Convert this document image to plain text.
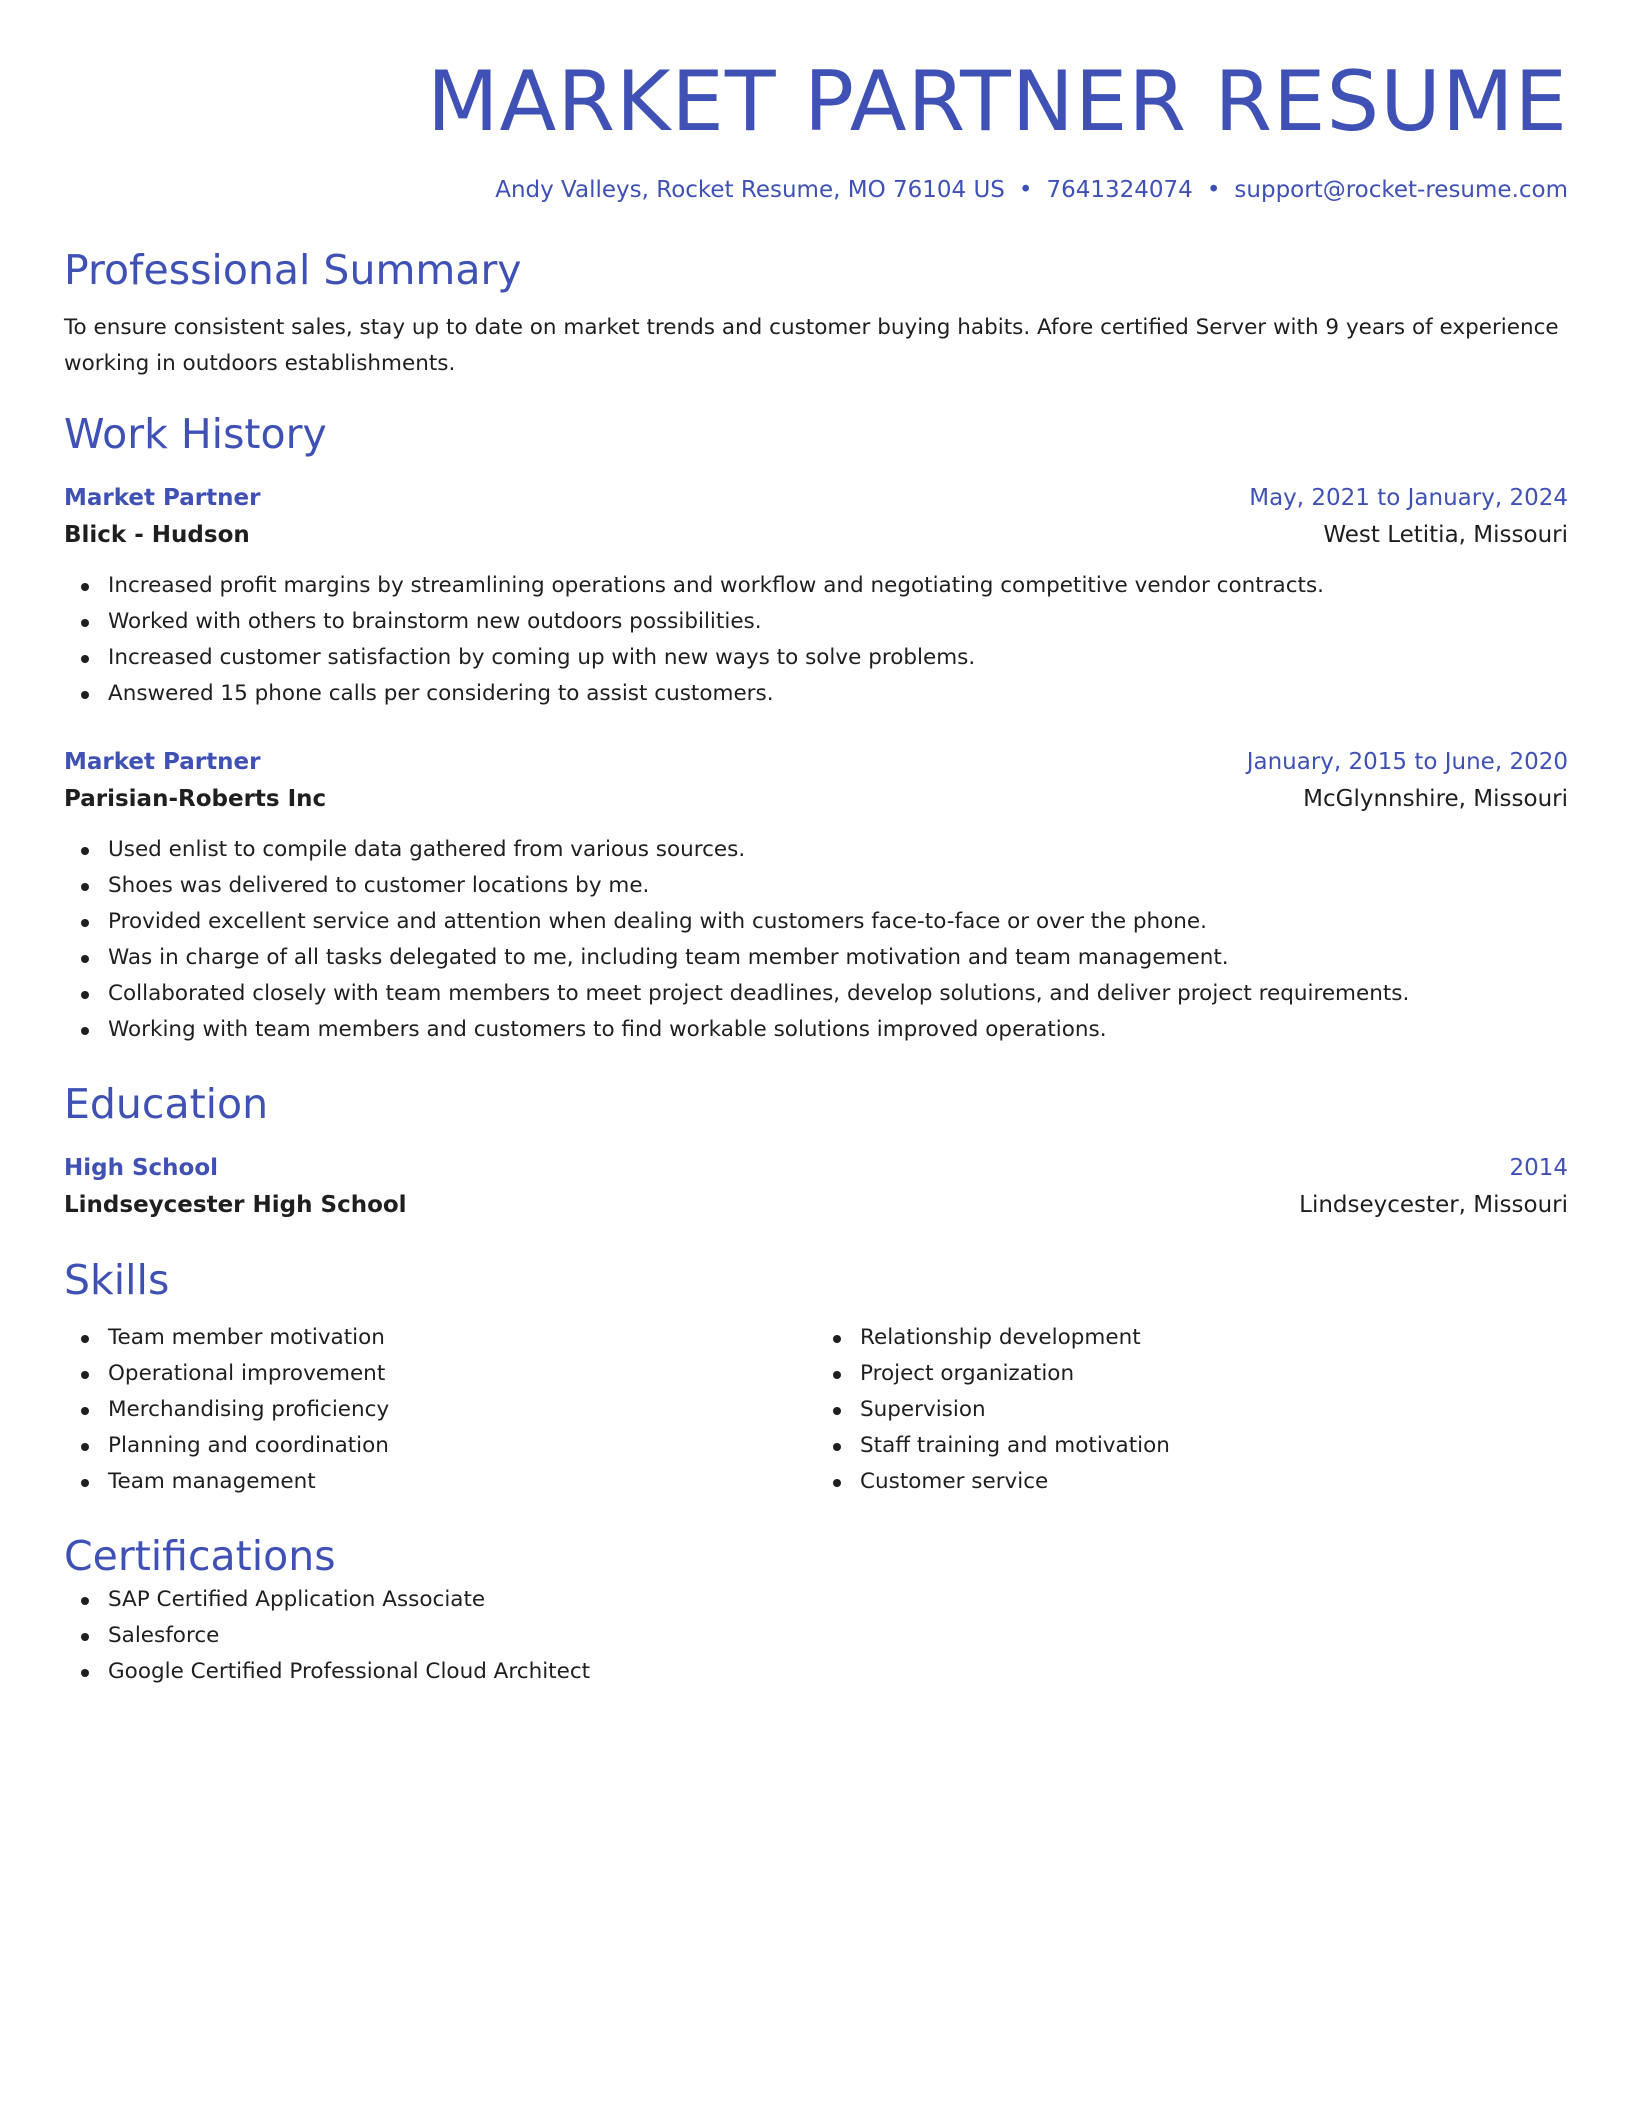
MARKET PARTNER RESUME
Andy Valleys, Rocket Resume, MO 76104 US • 7641324074 • support@rocket-resume.com
Professional Summary
To ensure consistent sales, stay up to date on market trends and customer buying habits. Afore certified Server with 9 years of experience working in outdoors establishments.
Work History
Market Partner	May, 2021 to January, 2024
Blick - Hudson	West Letitia, Missouri
Increased profit margins by streamlining operations and workflow and negotiating competitive vendor contracts.
Worked with others to brainstorm new outdoors possibilities.
Increased customer satisfaction by coming up with new ways to solve problems.
Answered 15 phone calls per considering to assist customers.
Market Partner	January, 2015 to June, 2020
Parisian-Roberts Inc	McGlynnshire, Missouri
Used enlist to compile data gathered from various sources.
Shoes was delivered to customer locations by me.
Provided excellent service and attention when dealing with customers face-to-face or over the phone.
Was in charge of all tasks delegated to me, including team member motivation and team management.
Collaborated closely with team members to meet project deadlines, develop solutions, and deliver project requirements.
Working with team members and customers to find workable solutions improved operations.
Education
High School	2014
Lindseycester High School	Lindseycester, Missouri
Skills
Team member motivation
Operational improvement
Merchandising proficiency
Planning and coordination
Team management
Relationship development
Project organization
Supervision
Staff training and motivation
Customer service
Certifications
SAP Certified Application Associate
Salesforce
Google Certified Professional Cloud Architect
